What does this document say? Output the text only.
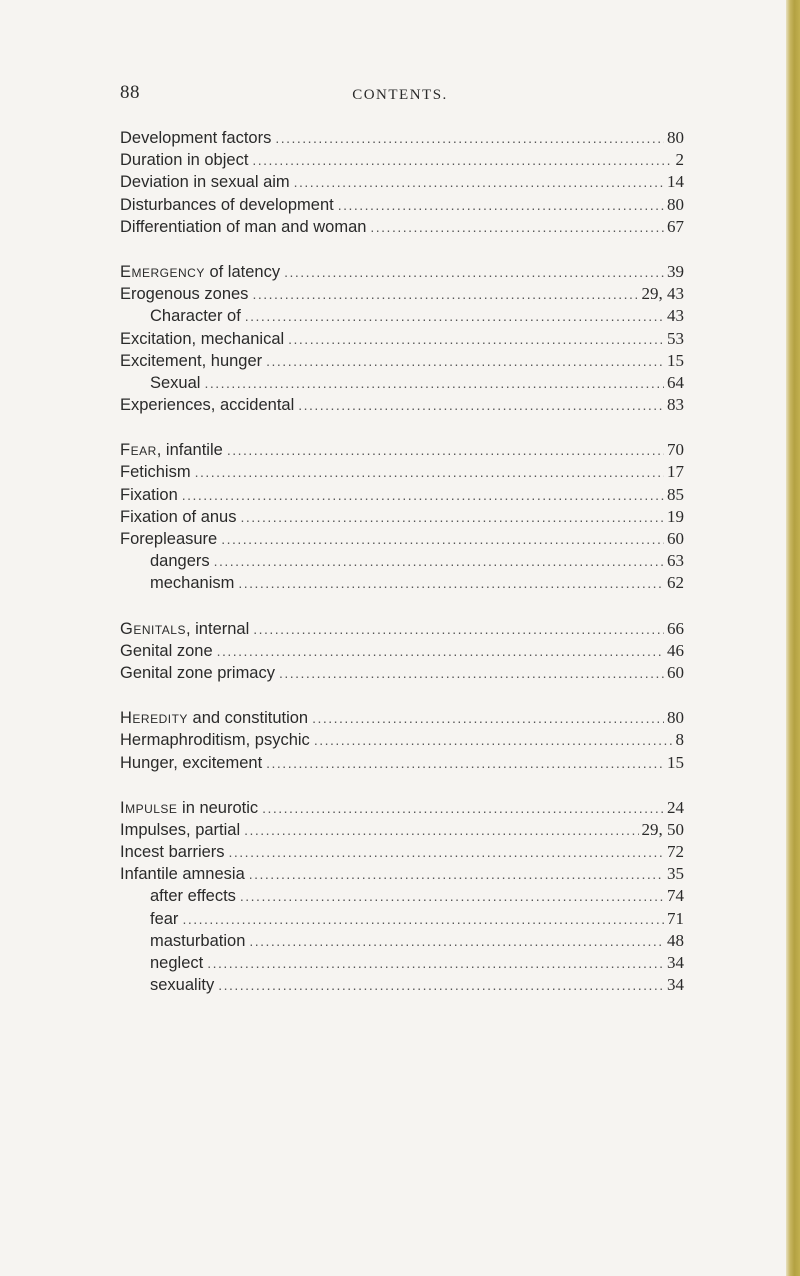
88	CONTENTS.
Development factors . . .	80
Duration in object . . .	2
Deviation in sexual aim . . .	14
Disturbances of development . . .	80
Differentiation of man and woman . . .	67
Emergency of latency . . .	39
Erogenous zones . . .	29, 43
Character of . . .	43
Excitation, mechanical . . .	53
Excitement, hunger . . .	15
Sexual . . .	64
Experiences, accidental . . .	83
Fear, infantile . . .	70
Fetichism . . .	17
Fixation . . .	85
Fixation of anus . . .	19
Forepleasure . . .	60
dangers . . .	63
mechanism . . .	62
Genitals, internal . . .	66
Genital zone . . .	46
Genital zone primacy . . .	60
Heredity and constitution . . .	80
Hermaphroditism, psychic . . .	8
Hunger, excitement . . .	15
Impulse in neurotic . . .	24
Impulses, partial . . .	29, 50
Incest barriers . . .	72
Infantile amnesia . . .	35
after effects . . .	74
fear . . .	71
masturbation . . .	48
neglect . . .	34
sexuality . . .	34
